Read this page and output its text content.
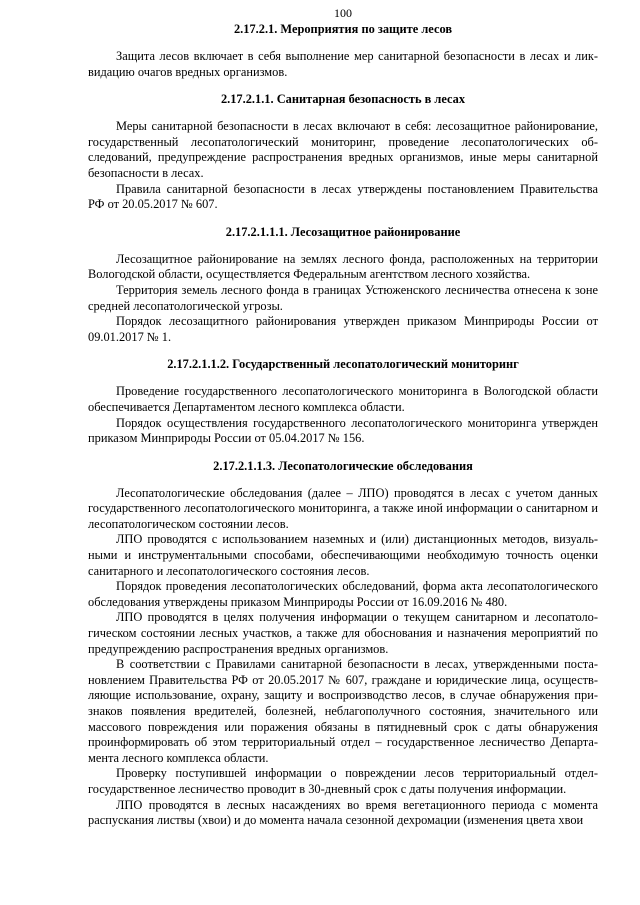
100
2.17.2.1. Мероприятия по защите лесов

Защита лесов включает в себя выполнение мер санитарной безопасности в лесах и ликвидацию очагов вредных организмов.

2.17.2.1.1. Санитарная безопасность в лесах

Меры санитарной безопасности в лесах включают в себя: лесозащитное районирование, государственный лесопатологический мониторинг, проведение лесопатологических обследований, предупреждение распространения вредных организмов, иные меры санитарной безопасности в лесах.

Правила санитарной безопасности в лесах утверждены постановлением Правительства РФ от 20.05.2017 № 607.

2.17.2.1.1.1. Лесозащитное районирование

Лесозащитное районирование на землях лесного фонда, расположенных на территории Вологодской области, осуществляется Федеральным агентством лесного хозяйства.

Территория земель лесного фонда в границах Устюженского лесничества отнесена к зоне средней лесопатологической угрозы.

Порядок лесозащитного районирования утвержден приказом Минприроды России от 09.01.2017 № 1.

2.17.2.1.1.2. Государственный лесопатологический мониторинг

Проведение государственного лесопатологического мониторинга в Вологодской области обеспечивается Департаментом лесного комплекса области.

Порядок осуществления государственного лесопатологического мониторинга утвержден приказом Минприроды России от 05.04.2017 № 156.

2.17.2.1.1.3. Лесопатологические обследования

Лесопатологические обследования (далее – ЛПО) проводятся в лесах с учетом данных государственного лесопатологического мониторинга, а также иной информации о санитарном и лесопатологическом состоянии лесов.

ЛПО проводятся с использованием наземных и (или) дистанционных методов, визуальными и инструментальными способами, обеспечивающими необходимую точность оценки санитарного и лесопатологического состояния лесов.

Порядок проведения лесопатологических обследований, форма акта лесопатологического обследования утверждены приказом Минприроды России от 16.09.2016 № 480.

ЛПО проводятся в целях получения информации о текущем санитарном и лесопатологическом состоянии лесных участков, а также для обоснования и назначения мероприятий по предупреждению распространения вредных организмов.

В соответствии с Правилами санитарной безопасности в лесах, утвержденными постановлением Правительства РФ от 20.05.2017 № 607, граждане и юридические лица, осуществляющие использование, охрану, защиту и воспроизводство лесов, в случае обнаружения признаков появления вредителей, болезней, неблагополучного состояния, значительного или массового повреждения или поражения обязаны в пятидневный срок с даты обнаружения проинформировать об этом территориальный отдел – государственное лесничество Департамента лесного комплекса области.

Проверку поступившей информации о повреждении лесов территориальный отдел-государственное лесничество проводит в 30-дневный срок с даты получения информации.

ЛПО проводятся в лесных насаждениях во время вегетационного периода с момента распускания листвы (хвои) и до момента начала сезонной дехромации (изменения цвета хвои
